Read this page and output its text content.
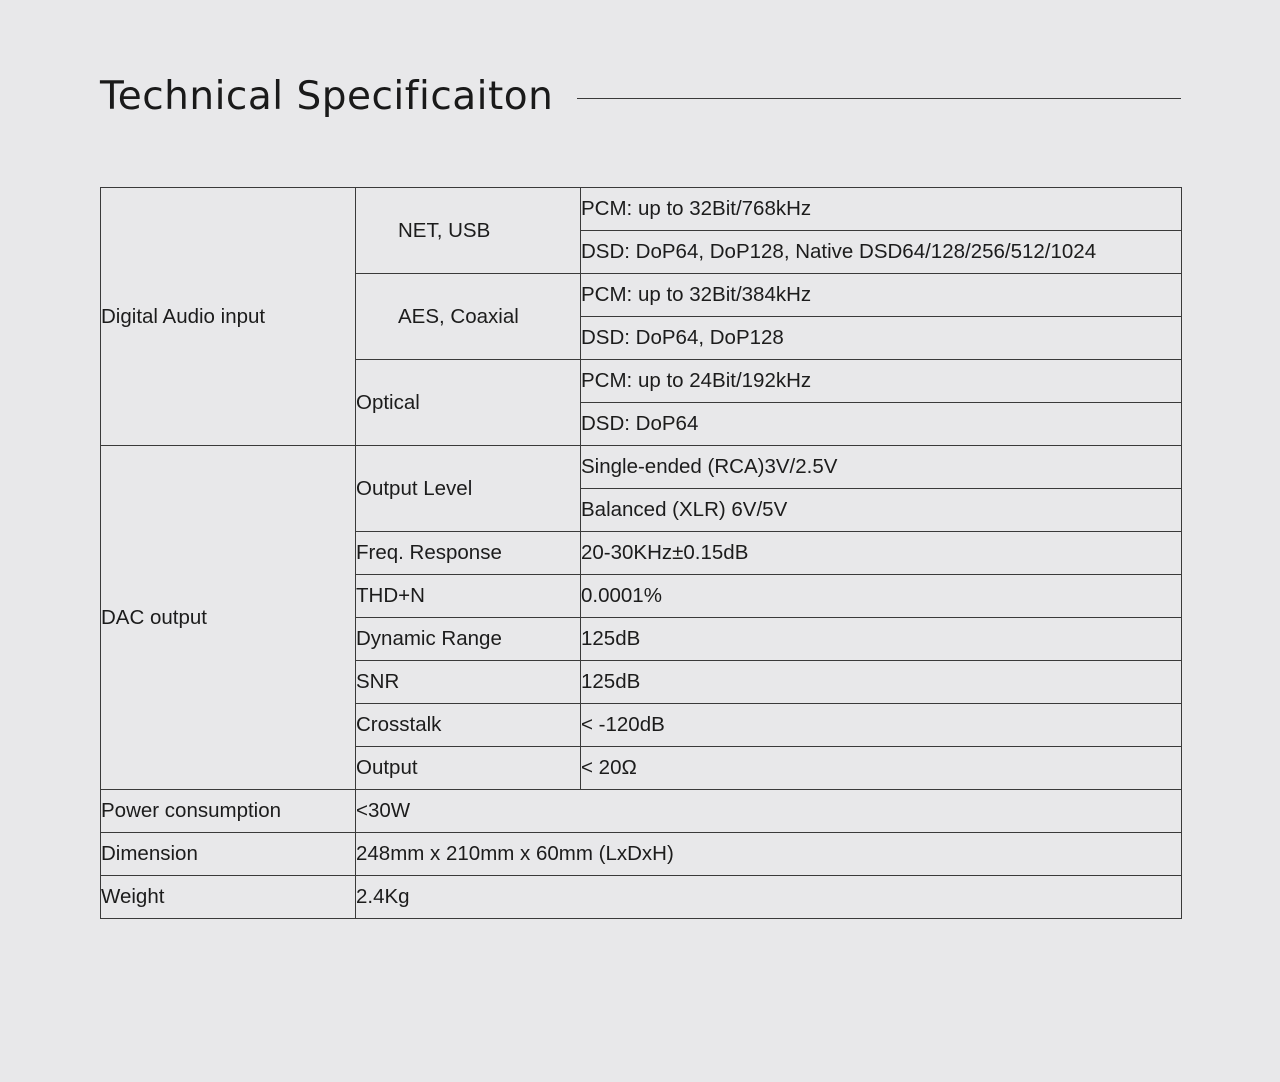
Technical Specificaiton
Digital Audio input	NET, USB	PCM: up to 32Bit/768kHz
		DSD: DoP64, DoP128, Native DSD64/128/256/512/1024
	AES, Coaxial	PCM: up to 32Bit/384kHz
		DSD: DoP64, DoP128
	Optical	PCM: up to 24Bit/192kHz
		DSD: DoP64
DAC output	Output Level	Single-ended (RCA)3V/2.5V
		Balanced (XLR) 6V/5V
	Freq. Response	20-30KHz±0.15dB
	THD+N	0.0001%
	Dynamic Range	125dB
	SNR	125dB
	Crosstalk	< -120dB
	Output	< 20Ω
Power consumption	<30W	
Dimension	248mm x 210mm x 60mm (LxDxH)	
Weight	2.4Kg	
